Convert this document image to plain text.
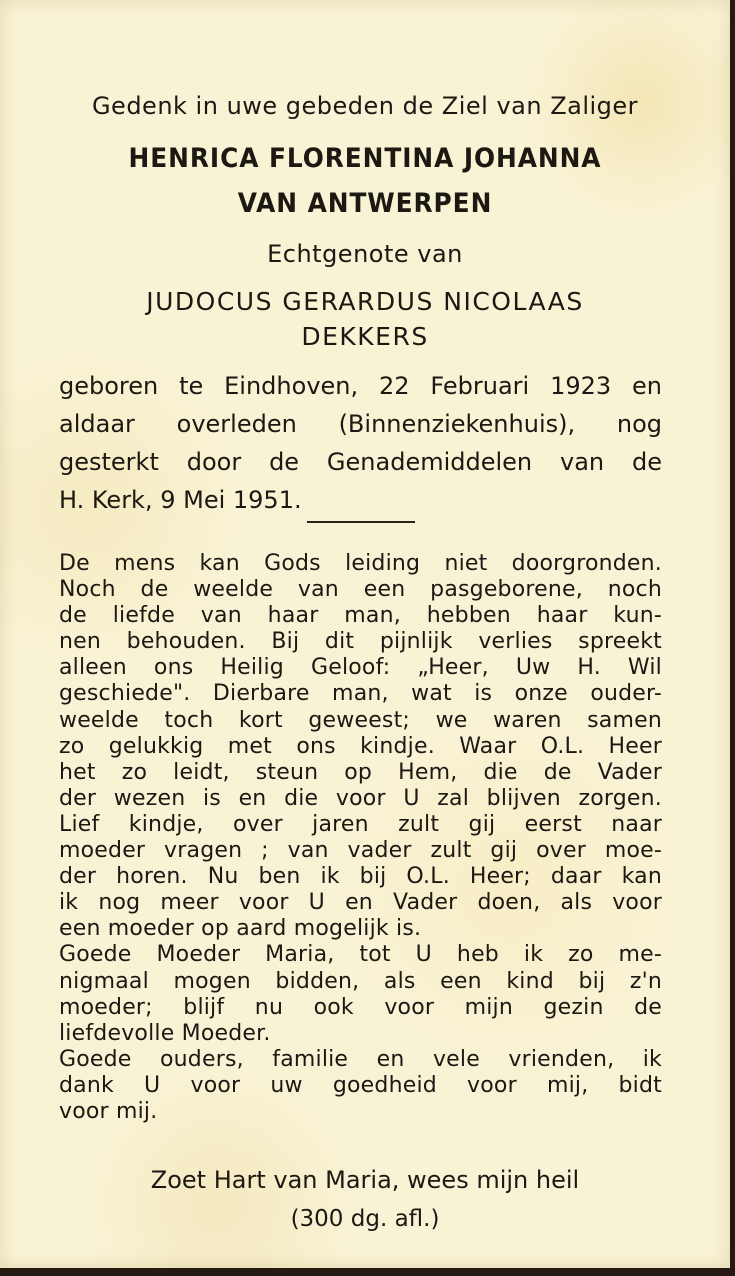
Gedenk in uwe gebeden de Ziel van Zaliger
HENRICA FLORENTINA JOHANNA
VAN ANTWERPEN
Echtgenote van
JUDOCUS GERARDUS NICOLAAS
DEKKERS
geboren te Eindhoven, 22 Februari 1923 en
aldaar overleden (Binnenziekenhuis), nog
gesterkt door de Genademiddelen van de
H. Kerk, 9 Mei 1951.
De mens kan Gods leiding niet doorgronden.
Noch de weelde van een pasgeborene, noch
de liefde van haar man, hebben haar kun-
nen behouden. Bij dit pijnlijk verlies spreekt
alleen ons Heilig Geloof: „Heer, Uw H. Wil
geschiede". Dierbare man, wat is onze ouder-
weelde toch kort geweest; we waren samen
zo gelukkig met ons kindje. Waar O.L. Heer
het zo leidt, steun op Hem, die de Vader
der wezen is en die voor U zal blijven zorgen.
Lief kindje, over jaren zult gij eerst naar
moeder vragen ; van vader zult gij over moe-
der horen. Nu ben ik bij O.L. Heer; daar kan
ik nog meer voor U en Vader doen, als voor
een moeder op aard mogelijk is.
Goede Moeder Maria, tot U heb ik zo me-
nigmaal mogen bidden, als een kind bij z'n
moeder; blijf nu ook voor mijn gezin de
liefdevolle Moeder.
Goede ouders, familie en vele vrienden, ik
dank U voor uw goedheid voor mij, bidt
voor mij.
Zoet Hart van Maria, wees mijn heil
(300 dg. afl.)
